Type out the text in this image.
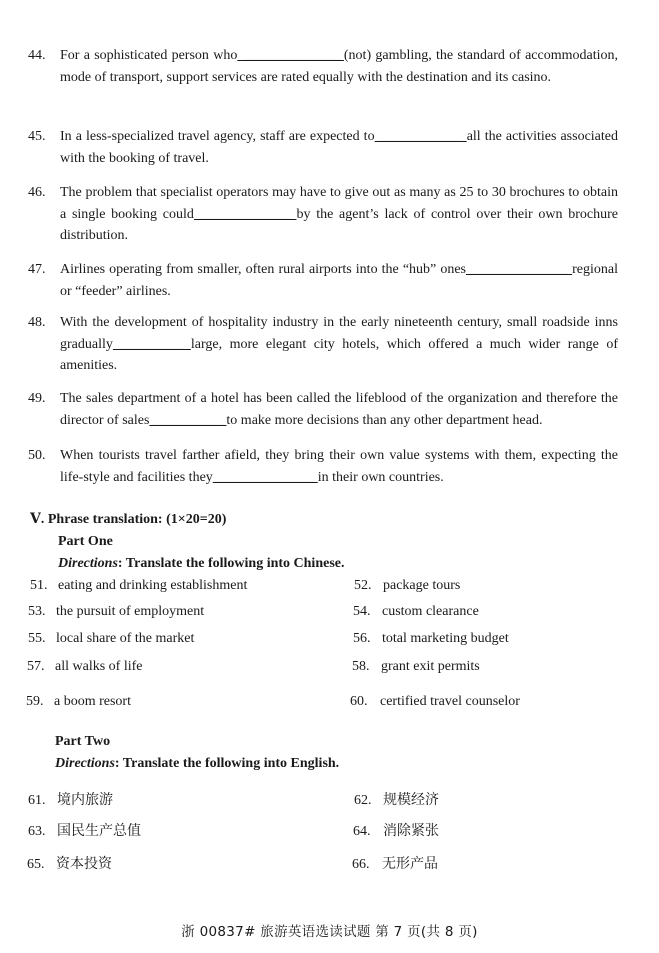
44. For a sophisticated person who ______________ (not) gambling, the standard of accommodation, mode of transport, support services are rated equally with the destination and its casino.
45. In a less-specialized travel agency, staff are expected to ____________ all the activities associated with the booking of travel.
46. The problem that specialist operators may have to give out as many as 25 to 30 brochures to obtain a single booking could _____________ by the agent’s lack of control over their own brochure distribution.
47. Airlines operating from smaller, often rural airports into the “hub” ones ______________ regional or “feeder” airlines.
48. With the development of hospitality industry in the early nineteenth century, small roadside inns gradually _________ large, more elegant city hotels, which offered a much wider range of amenities.
49. The sales department of a hotel has been called the lifeblood of the organization and therefore the director of sales __________ to make more decisions than any other department head.
50. When tourists travel farther afield, they bring their own value systems with them, expecting the life-style and facilities they ______________ in their own countries.
Ⅴ. Phrase translation: (1×20=20)
Part One
Directions: Translate the following into Chinese.
51. eating and drinking establishment	52. package tours
53. the pursuit of employment	54. custom clearance
55. local share of the market	56. total marketing budget
57. all walks of life	58. grant exit permits
59. a boom resort	60. certified travel counselor
Part Two
Directions: Translate the following into English.
61. 境内旅游	62. 规模经济
63. 国民生产总值	64. 消除紧张
65. 资本投资	66. 无形产品
浙 00837# 旅游英语选读试题 第 7 页(共 8 页)
